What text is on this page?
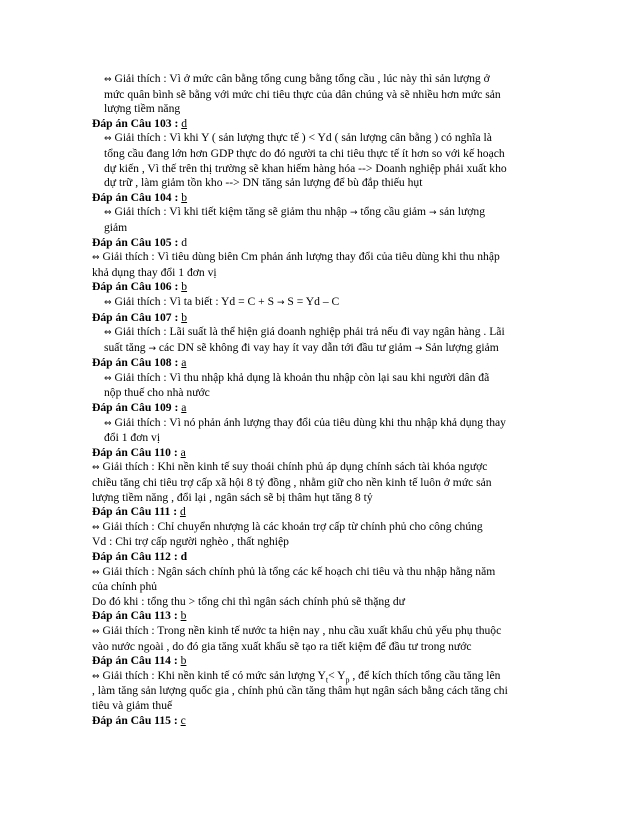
⇔ Giải thích : Vì ở mức cân bằng tổng cung bằng tổng cầu , lúc này thì sản lượng ở

mức quân bình sẽ bằng với mức chi tiêu thực của dân chúng và sẽ nhiều hơn mức sản

lượng tiềm năng

Đáp án Câu 103 : d

⇔ Giải thích : Vì khi Y ( sản lượng thực tế ) < Yd ( sản lượng cân bằng ) có nghĩa là

tổng cầu đang lớn hơn GDP thực do đó người ta chi tiêu thực tế ít hơn so với kế hoạch

dự kiến , Vì thế trên thị trường sẽ khan hiếm hàng hóa --> Doanh nghiệp phải xuất kho

dự trữ , làm giảm tồn kho --> DN tăng sản lượng để bù đắp thiếu hụt

Đáp án Câu 104 : b

⇔ Giải thích : Vì khi tiết kiệm tăng sẽ giảm thu nhập → tổng cầu giảm → sản lượng

giảm

Đáp án Câu 105 : d

⇔ Giải thích : Vì tiêu dùng biên Cm phản ánh lượng thay đổi của tiêu dùng khi thu nhập

khả dụng thay đổi 1 đơn vị

Đáp án Câu 106 : b

⇔ Giải thích : Vì ta biết : Yd = C + S → S = Yd – C

Đáp án Câu 107 : b

⇔ Giải thích : Lãi suất là thể hiện giá doanh nghiệp phải trả nếu đi vay ngân hàng . Lãi

suất tăng → các DN sẽ không đi vay hay ít vay dẫn tới đầu tư giảm → Sản lượng giảm

Đáp án Câu 108 : a

⇔ Giải thích : Vì thu nhập khả dụng là khoản thu nhập còn lại sau khi người dân đã

nộp thuế cho nhà nước

Đáp án Câu 109 : a

⇔ Giải thích : Vì nó phản ánh lượng thay đổi của tiêu dùng khi thu nhập khả dụng thay

đổi 1 đơn vị

Đáp án Câu 110 : a

⇔ Giải thích : Khi nền kinh tế suy thoái chính phủ áp dụng chính sách tài khóa ngược

chiều tăng chi tiêu trợ cấp xã hội 8 tỷ đồng , nhằm giữ cho nền kinh tế luôn ở mức sản

lượng tiềm năng , đổi lại , ngân sách sẽ bị thâm hụt tăng 8 tỷ

Đáp án Câu 111 : d

⇔ Giải thích : Chỉ chuyển nhượng là các khoản trợ cấp từ chính phủ cho công chúng

Vd : Chi trợ cấp người nghèo , thất nghiệp

Đáp án Câu 112 : d

⇔ Giải thích : Ngân sách chính phủ là tổng các kế hoạch chi tiêu và thu nhập hằng năm

của chính phủ

Do đó khi : tổng thu > tổng chi thì ngân sách chính phủ sẽ thặng dư

Đáp án Câu 113 : b

⇔ Giải thích : Trong nền kinh tế nước ta hiện nay , nhu cầu xuất khẩu chủ yếu phụ thuộc

vào nước ngoài , do đó gia tăng xuất khẩu sẽ tạo ra tiết kiệm để đầu tư trong nước

Đáp án Câu 114 : b

⇔ Giải thích : Khi nền kinh tế có mức sản lượng $Y_t< Y_p$ , để kích thích tổng cầu tăng lên

, làm tăng sản lượng quốc gia , chính phủ cần tăng thâm hụt ngân sách bằng cách tăng chi

tiêu và giảm thuế

Đáp án Câu 115 : c
